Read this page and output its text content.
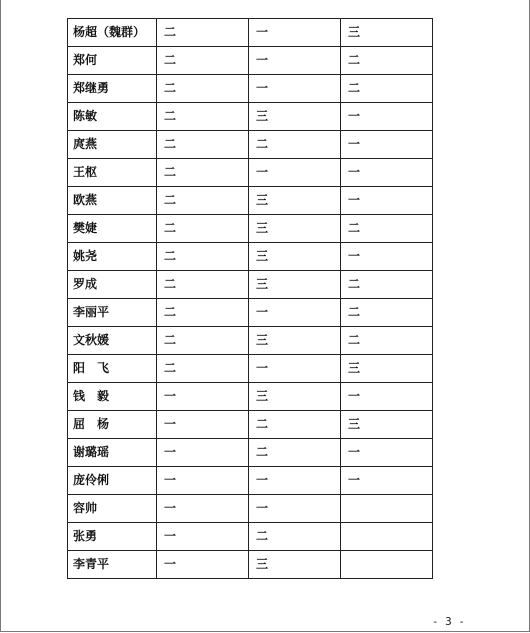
杨超（魏群）	二	一	三
郑何	二	一	二
郑继勇	二	一	二
陈敏	二	三	一
庹燕	二	二	一
王枢	二	一	一
欧燕	二	三	一
樊婕	二	三	二
姚尧	二	三	一
罗成	二	三	二
李丽平	二	一	二
文秋媛	二	三	二
阳　飞	二	一	三
钱　毅	一	三	一
屈　杨	一	二	三
谢璐瑶	一	二	一
庞伶俐	一	一	一
容帅	一	一	
张勇	一	二	
李青平	一	三	
- 3 -
